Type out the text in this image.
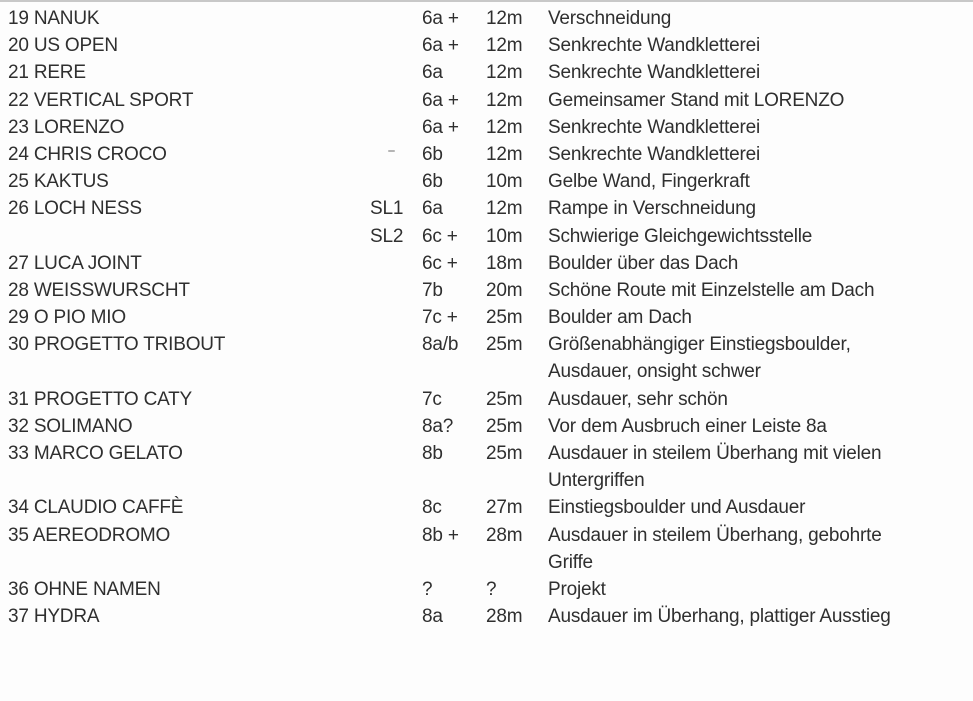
19 NANUK	6a + 12m Verschneidung
20 US OPEN	6a + 12m Senkrechte Wandkletterei
21 RERE	6a 12m Senkrechte Wandkletterei
22 VERTICAL SPORT	6a + 12m Gemeinsamer Stand mit LORENZO
23 LORENZO	6a + 12m Senkrechte Wandkletterei
24 CHRIS CROCO	6b 12m Senkrechte Wandkletterei
25 KAKTUS	6b 10m Gelbe Wand, Fingerkraft
26 LOCH NESS	SL1 6a 12m Rampe in Verschneidung
SL2 6c + 10m Schwierige Gleichgewichtsstelle
27 LUCA JOINT	6c + 18m Boulder über das Dach
28 WEISSWURSCHT	7b 20m Schöne Route mit Einzelstelle am Dach
29 O PIO MIO	7c + 25m Boulder am Dach
30 PROGETTO TRIBOUT	8a/b 25m Größenabhängiger Einstiegsboulder,
Ausdauer, onsight schwer
31 PROGETTO CATY	7c 25m Ausdauer, sehr schön
32 SOLIMANO	8a? 25m Vor dem Ausbruch einer Leiste 8a
33 MARCO GELATO	8b 25m Ausdauer in steilem Überhang mit vielen
Untergriffen
34 CLAUDIO CAFFÈ	8c 27m Einstiegsboulder und Ausdauer
35 AEREODROMO	8b + 28m Ausdauer in steilem Überhang, gebohrte
Griffe
36 OHNE NAMEN	?	?	Projekt
37 HYDRA	8a 28m Ausdauer im Überhang, plattiger Ausstieg
